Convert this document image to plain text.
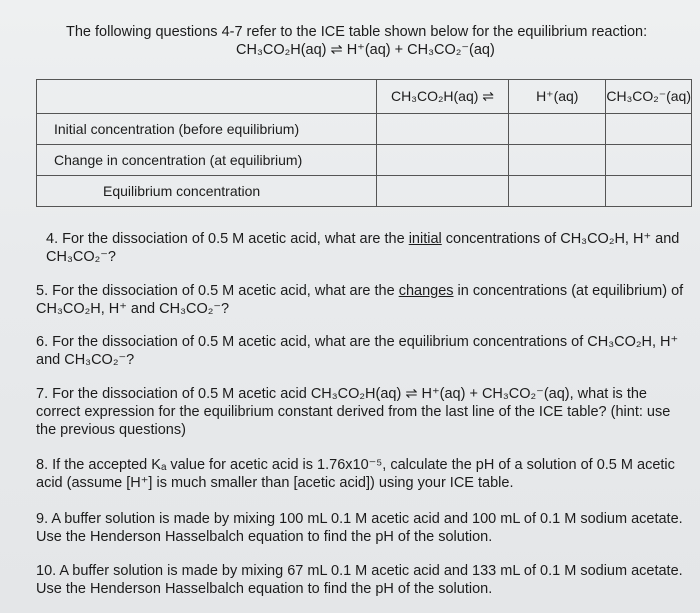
The following questions 4-7 refer to the ICE table shown below for the equilibrium reaction:
CH₃CO₂H(aq) ⇌ H⁺(aq) + CH₃CO₂⁻(aq)
	CH₃CO₂H(aq) ⇌	H⁺(aq)	CH₃CO₂⁻(aq)
Initial concentration (before equilibrium)			
Change in concentration (at equilibrium)			
Equilibrium concentration			

4. For the dissociation of 0.5 M acetic acid, what are the initial concentrations of CH₃CO₂H, H⁺ and CH₃CO₂⁻?

5. For the dissociation of 0.5 M acetic acid, what are the changes in concentrations (at equilibrium) of CH₃CO₂H, H⁺ and CH₃CO₂⁻?

6. For the dissociation of 0.5 M acetic acid, what are the equilibrium concentrations of CH₃CO₂H, H⁺ and CH₃CO₂⁻?

7. For the dissociation of 0.5 M acetic acid CH₃CO₂H(aq) ⇌ H⁺(aq) + CH₃CO₂⁻(aq), what is the correct expression for the equilibrium constant derived from the last line of the ICE table? (hint: use the previous questions)

8. If the accepted Kₐ value for acetic acid is 1.76x10⁻⁵, calculate the pH of a solution of 0.5 M acetic acid (assume [H⁺] is much smaller than [acetic acid]) using your ICE table.

9. A buffer solution is made by mixing 100 mL 0.1 M acetic acid and 100 mL of 0.1 M sodium acetate. Use the Henderson Hasselbalch equation to find the pH of the solution.

10. A buffer solution is made by mixing 67 mL 0.1 M acetic acid and 133 mL of 0.1 M sodium acetate. Use the Henderson Hasselbalch equation to find the pH of the solution.
